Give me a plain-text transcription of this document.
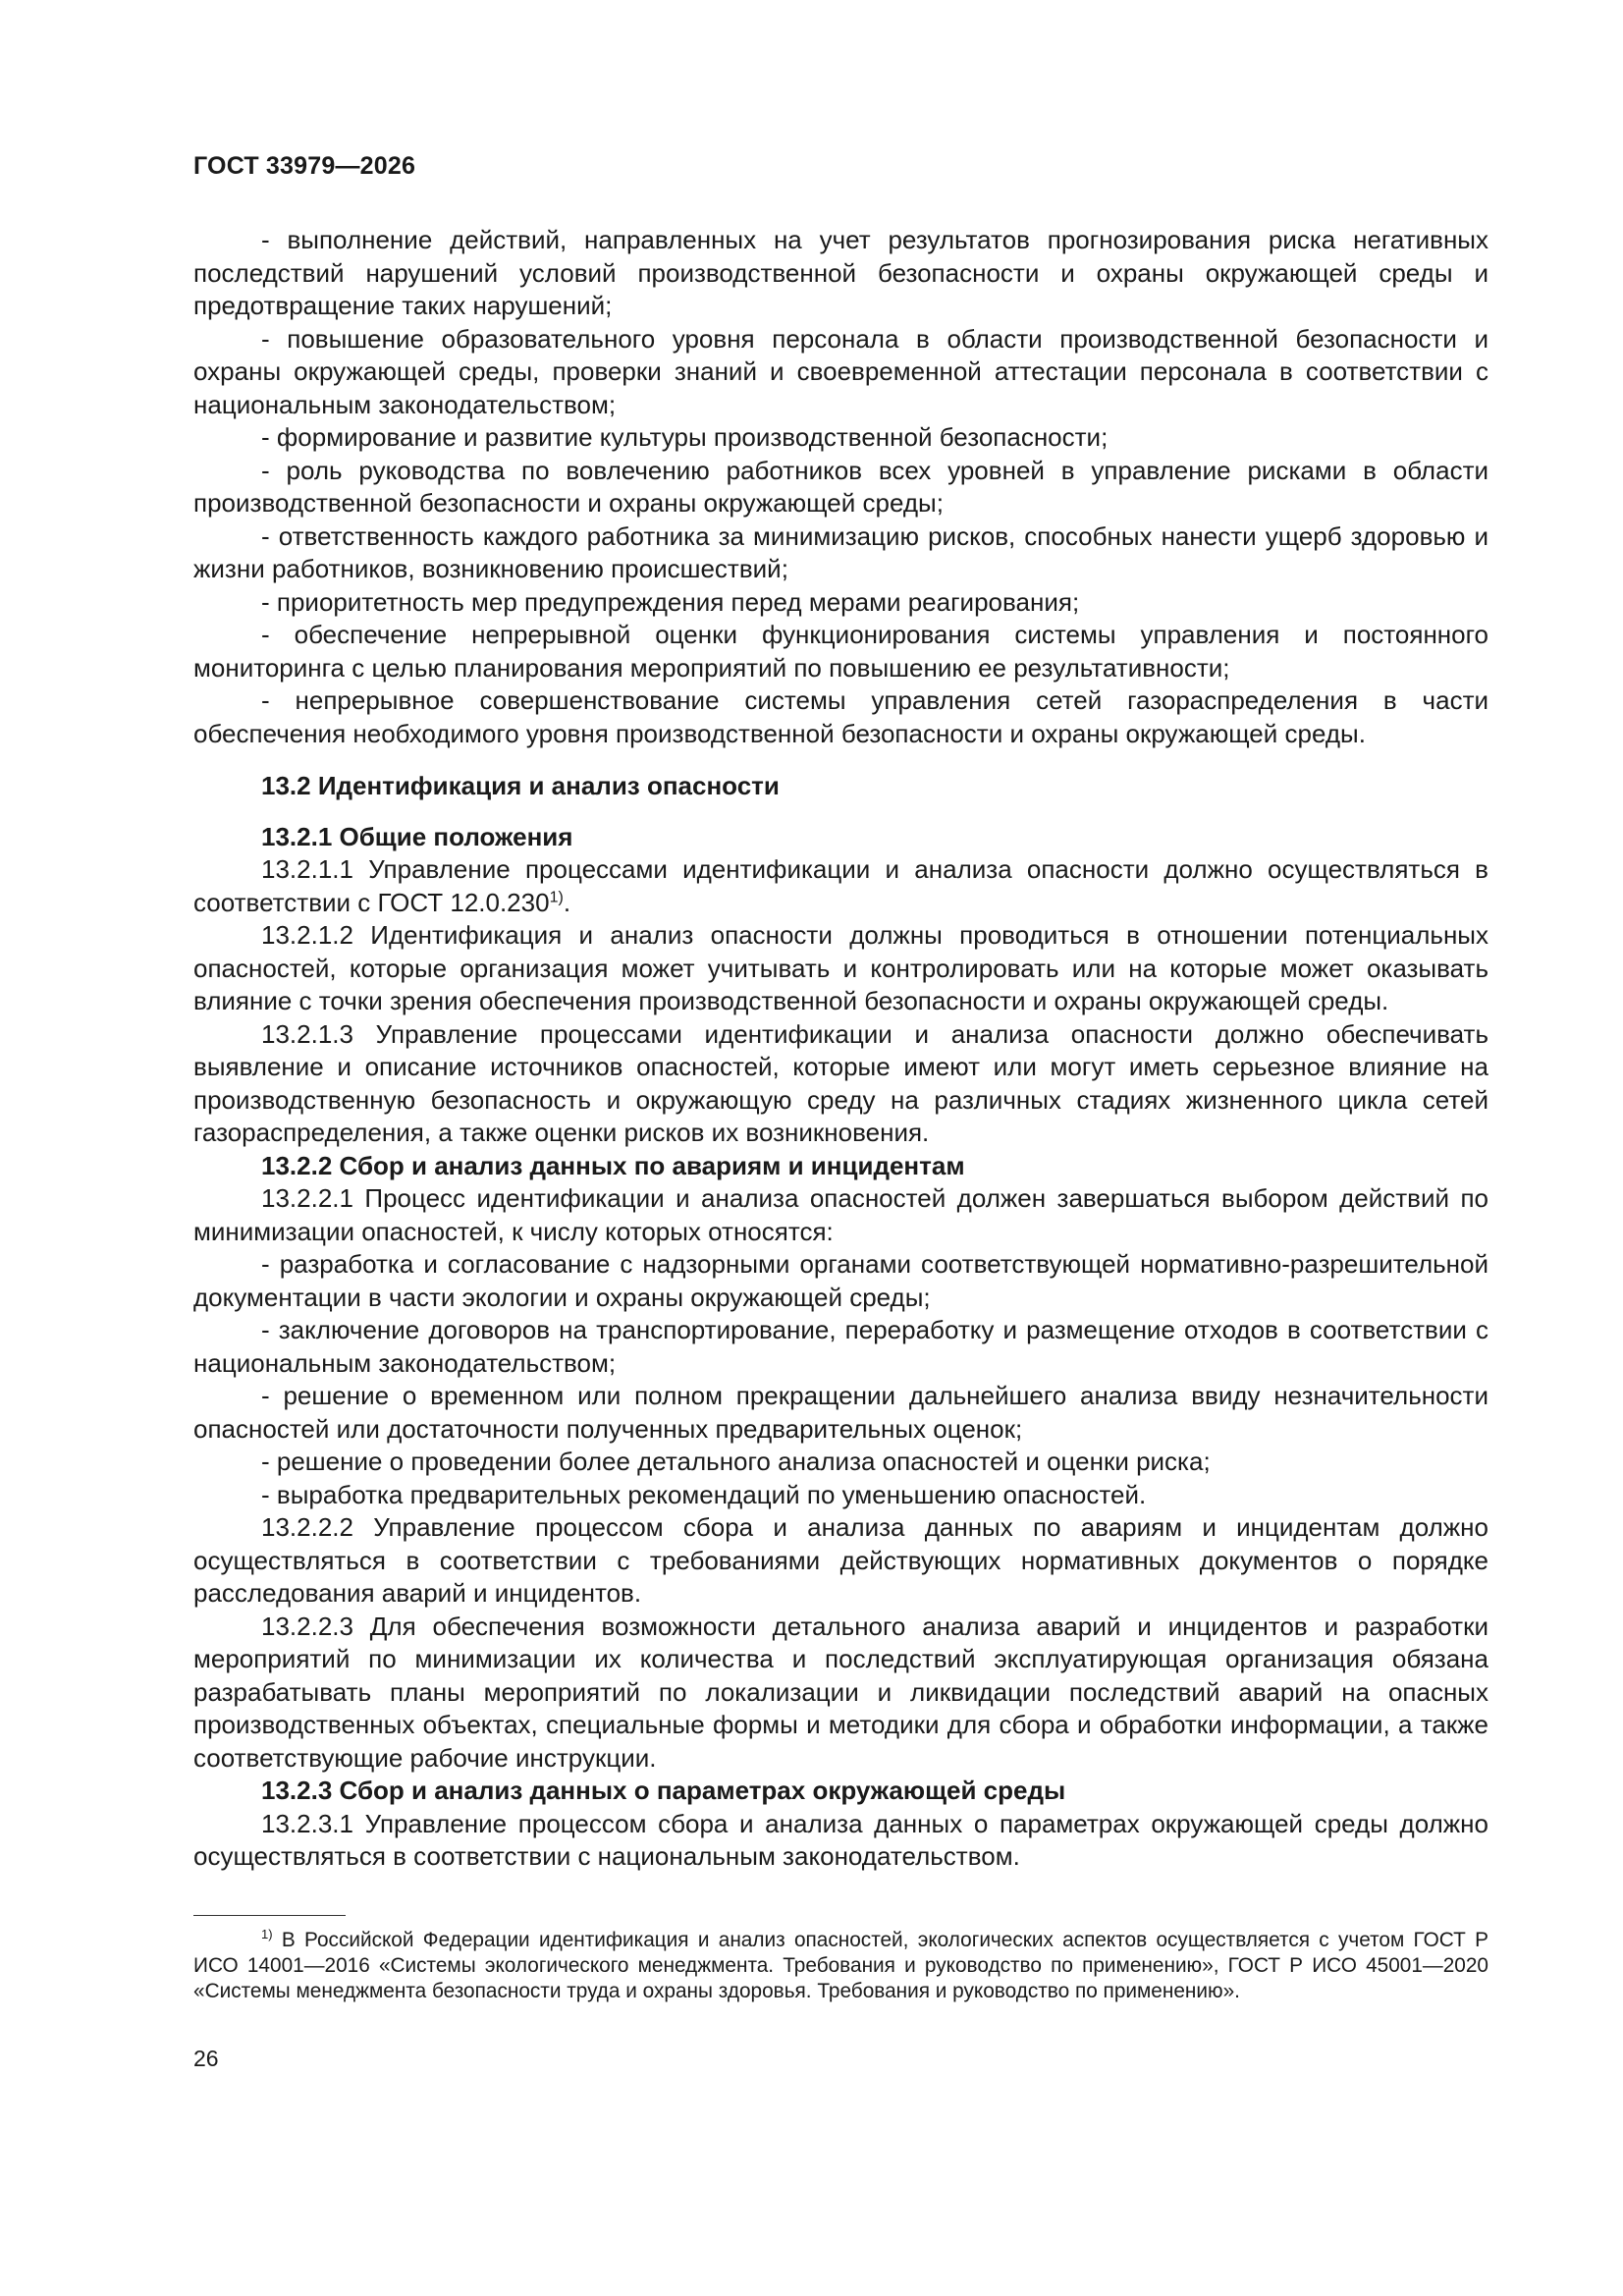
ГОСТ 33979—2026

- выполнение действий, направленных на учет результатов прогнозирования риска негативных последствий нарушений условий производственной безопасности и охраны окружающей среды и предотвращение таких нарушений;

- повышение образовательного уровня персонала в области производственной безопасности и охраны окружающей среды, проверки знаний и своевременной аттестации персонала в соответствии с национальным законодательством;

- формирование и развитие культуры производственной безопасности;

- роль руководства по вовлечению работников всех уровней в управление рисками в области производственной безопасности и охраны окружающей среды;

- ответственность каждого работника за минимизацию рисков, способных нанести ущерб здоровью и жизни работников, возникновению происшествий;

- приоритетность мер предупреждения перед мерами реагирования;

- обеспечение непрерывной оценки функционирования системы управления и постоянного мониторинга с целью планирования мероприятий по повышению ее результативности;

- непрерывное совершенствование системы управления сетей газораспределения в части обеспечения необходимого уровня производственной безопасности и охраны окружающей среды.

13.2 Идентификация и анализ опасности

13.2.1 Общие положения

13.2.1.1 Управление процессами идентификации и анализа опасности должно осуществляться в соответствии с ГОСТ 12.0.230$^{1)}$.

13.2.1.2 Идентификация и анализ опасности должны проводиться в отношении потенциальных опасностей, которые организация может учитывать и контролировать или на которые может оказывать влияние с точки зрения обеспечения производственной безопасности и охраны окружающей среды.

13.2.1.3 Управление процессами идентификации и анализа опасности должно обеспечивать выявление и описание источников опасностей, которые имеют или могут иметь серьезное влияние на производственную безопасность и окружающую среду на различных стадиях жизненного цикла сетей газораспределения, а также оценки рисков их возникновения.

13.2.2 Сбор и анализ данных по авариям и инцидентам

13.2.2.1 Процесс идентификации и анализа опасностей должен завершаться выбором действий по минимизации опасностей, к числу которых относятся:

- разработка и согласование с надзорными органами соответствующей нормативно-разрешительной документации в части экологии и охраны окружающей среды;

- заключение договоров на транспортирование, переработку и размещение отходов в соответствии с национальным законодательством;

- решение о временном или полном прекращении дальнейшего анализа ввиду незначительности опасностей или достаточности полученных предварительных оценок;

- решение о проведении более детального анализа опасностей и оценки риска;

- выработка предварительных рекомендаций по уменьшению опасностей.

13.2.2.2 Управление процессом сбора и анализа данных по авариям и инцидентам должно осуществляться в соответствии с требованиями действующих нормативных документов о порядке расследования аварий и инцидентов.

13.2.2.3 Для обеспечения возможности детального анализа аварий и инцидентов и разработки мероприятий по минимизации их количества и последствий эксплуатирующая организация обязана разрабатывать планы мероприятий по локализации и ликвидации последствий аварий на опасных производственных объектах, специальные формы и методики для сбора и обработки информации, а также соответствующие рабочие инструкции.

13.2.3 Сбор и анализ данных о параметрах окружающей среды

13.2.3.1 Управление процессом сбора и анализа данных о параметрах окружающей среды должно осуществляться в соответствии с национальным законодательством.

$^{1)}$ В Российской Федерации идентификация и анализ опасностей, экологических аспектов осуществляется с учетом ГОСТ Р ИСО 14001—2016 «Системы экологического менеджмента. Требования и руководство по применению», ГОСТ Р ИСО 45001—2020 «Системы менеджмента безопасности труда и охраны здоровья. Требования и руководство по применению».

26
